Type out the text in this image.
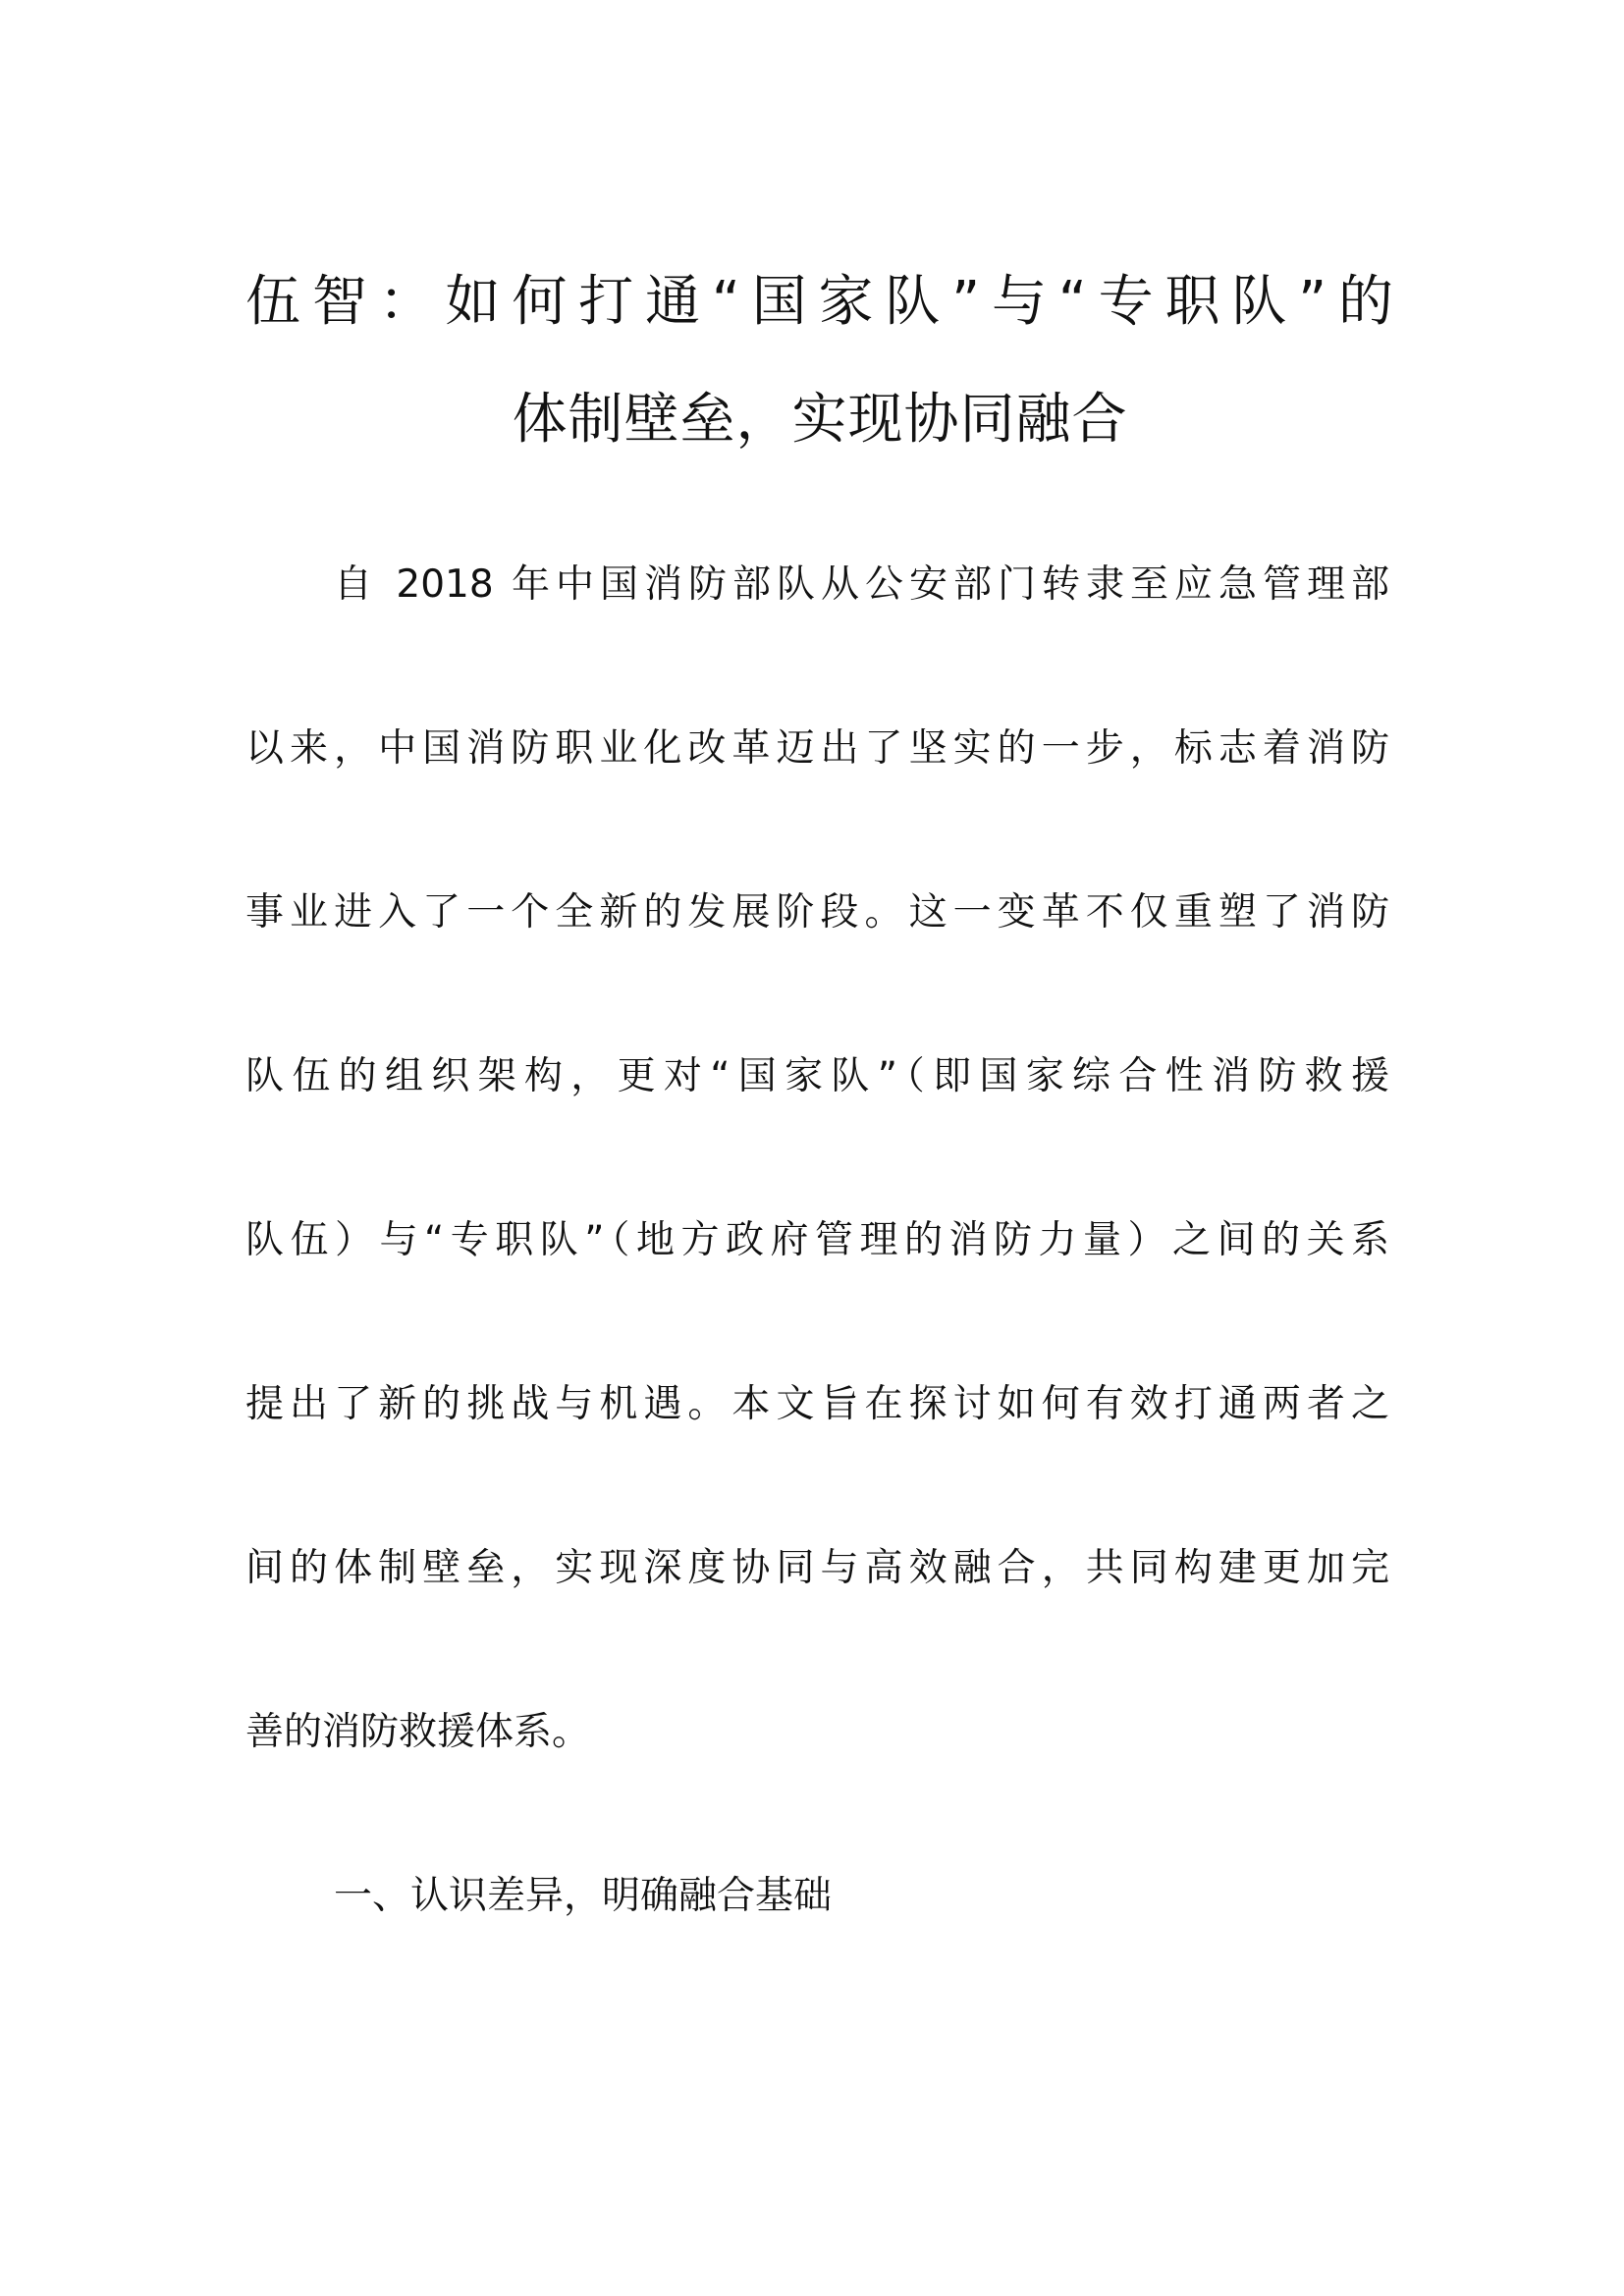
伍智：如何打通“国家队”与“专职队”的
体制壁垒，实现协同融合
自 2018 年中国消防部队从公安部门转隶至应急管理部
以来，中国消防职业化改革迈出了坚实的一步，标志着消防
事业进入了一个全新的发展阶段。这一变革不仅重塑了消防
队伍的组织架构，更对“国家队”（即国家综合性消防救援
队伍）与“专职队”（地方政府管理的消防力量）之间的关系
提出了新的挑战与机遇。本文旨在探讨如何有效打通两者之
间的体制壁垒，实现深度协同与高效融合，共同构建更加完
善的消防救援体系。
一、认识差异，明确融合基础
